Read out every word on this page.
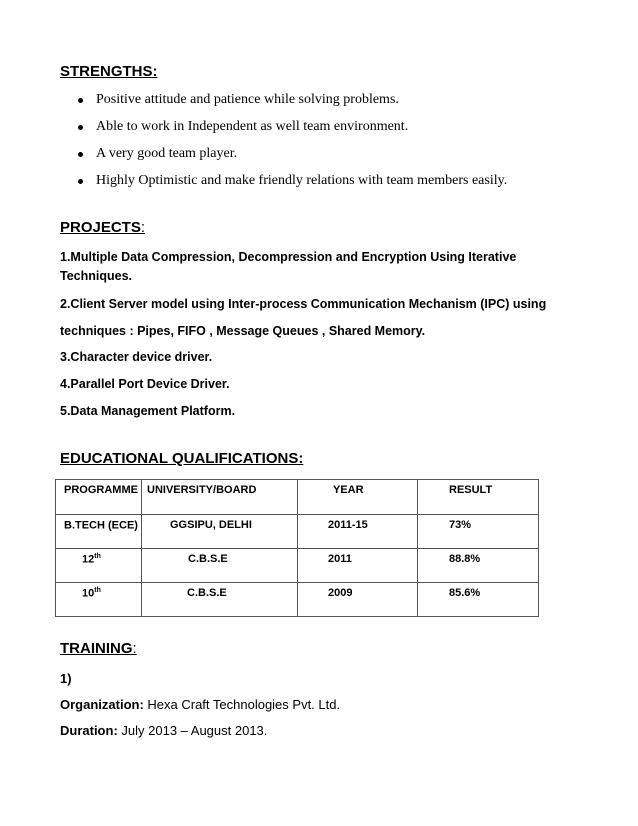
STRENGTHS:
Positive attitude and patience while solving problems.
Able to work in Independent as well team environment.
A very good team player.
Highly Optimistic and make friendly relations with team members easily.
PROJECTS:
1.Multiple Data Compression, Decompression and Encryption Using Iterative
Techniques.
2.Client Server model using Inter-process Communication Mechanism (IPC) using
techniques : Pipes, FIFO , Message Queues , Shared Memory.
3.Character device driver.
4.Parallel Port Device Driver.
5.Data Management Platform.
EDUCATIONAL QUALIFICATIONS:
PROGRAMME	UNIVERSITY/BOARD	YEAR	RESULT
B.TECH (ECE)	GGSIPU, DELHI	2011-15	73%
12th	C.B.S.E	2011	88.8%
10th	C.B.S.E	2009	85.6%
TRAINING:
1)
Organization: Hexa Craft Technologies Pvt. Ltd.
Duration: July 2013 – August 2013.
